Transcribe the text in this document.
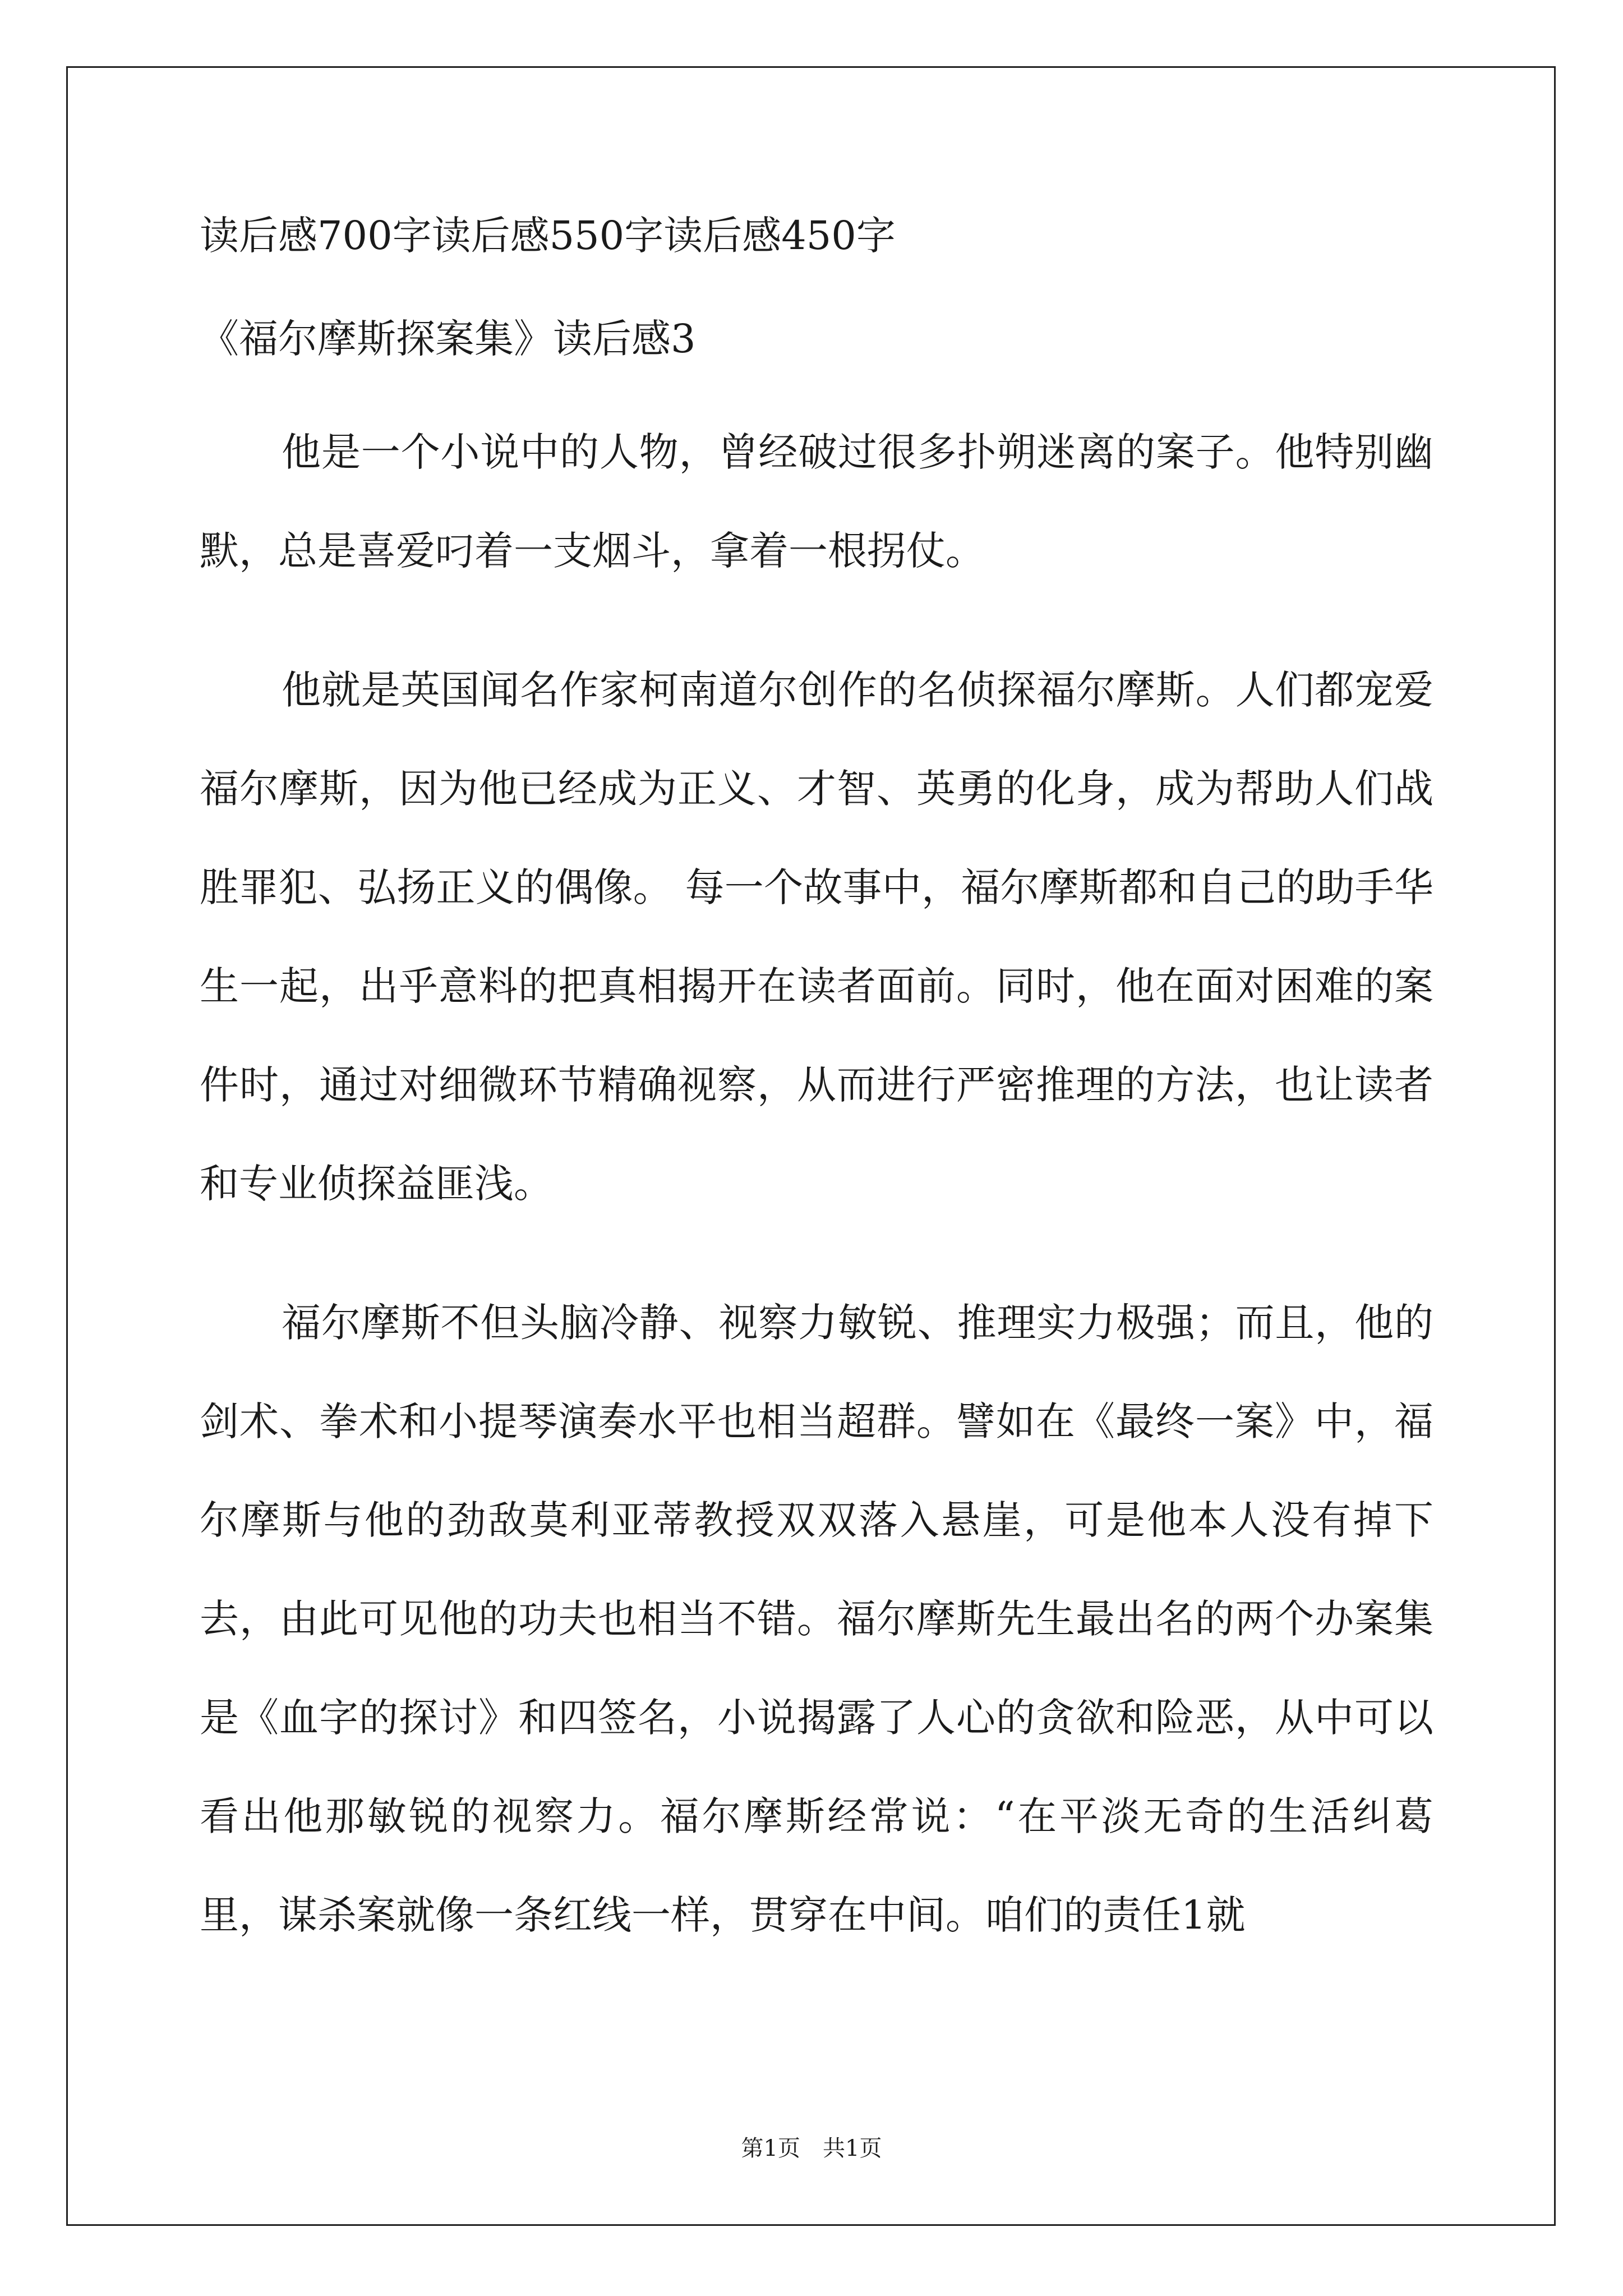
读后感700字读后感550字读后感450字
《福尔摩斯探案集》读后感3

他是一个小说中的人物，曾经破过很多扑朔迷离的案子。他特别幽默，总是喜爱叼着一支烟斗，拿着一根拐仗。

他就是英国闻名作家柯南道尔创作的名侦探福尔摩斯。人们都宠爱福尔摩斯，因为他已经成为正义、才智、英勇的化身，成为帮助人们战胜罪犯、弘扬正义的偶像。 每一个故事中，福尔摩斯都和自己的助手华生一起，出乎意料的把真相揭开在读者面前。同时，他在面对困难的案件时，通过对细微环节精确视察，从而进行严密推理的方法，也让读者和专业侦探益匪浅。

福尔摩斯不但头脑冷静、视察力敏锐、推理实力极强；而且，他的剑术、拳术和小提琴演奏水平也相当超群。譬如在《最终一案》中，福尔摩斯与他的劲敌莫利亚蒂教授双双落入悬崖，可是他本人没有掉下去，由此可见他的功夫也相当不错。福尔摩斯先生最出名的两个办案集是《血字的探讨》和四签名，小说揭露了人心的贪欲和险恶，从中可以看出他那敏锐的视察力。福尔摩斯经常说：“在平淡无奇的生活纠葛里，谋杀案就像一条红线一样，贯穿在中间。咱们的责任1就

第1页　共1页
